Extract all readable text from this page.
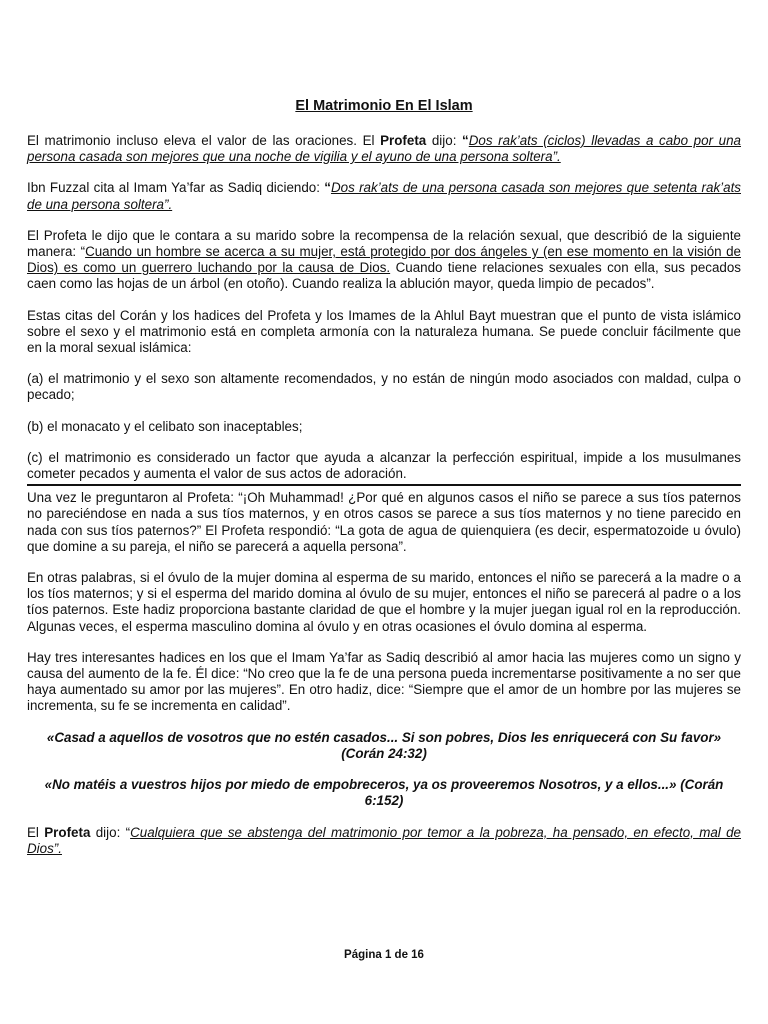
El Matrimonio En El Islam

El matrimonio incluso eleva el valor de las oraciones. El Profeta dijo: “Dos rak’ats (ciclos) llevadas a cabo por una persona casada son mejores que una noche de vigilia y el ayuno de una persona soltera”.

Ibn Fuzzal cita al Imam Ya’far as Sadiq diciendo: “Dos rak’ats de una persona casada son mejores que setenta rak’ats de una persona soltera”.

El Profeta le dijo que le contara a su marido sobre la recompensa de la relación sexual, que describió de la siguiente manera: “Cuando un hombre se acerca a su mujer, está protegido por dos ángeles y (en ese momento en la visión de Dios) es como un guerrero luchando por la causa de Dios. Cuando tiene relaciones sexuales con ella, sus pecados caen como las hojas de un árbol (en otoño). Cuando realiza la ablución mayor, queda limpio de pecados”.

Estas citas del Corán y los hadices del Profeta y los Imames de la Ahlul Bayt muestran que el punto de vista islámico sobre el sexo y el matrimonio está en completa armonía con la naturaleza humana. Se puede concluir fácilmente que en la moral sexual islámica:

(a) el matrimonio y el sexo son altamente recomendados, y no están de ningún modo asociados con maldad, culpa o pecado;

(b) el monacato y el celibato son inaceptables;

(c) el matrimonio es considerado un factor que ayuda a alcanzar la perfección espiritual, impide a los musulmanes cometer pecados y aumenta el valor de sus actos de adoración.

Una vez le preguntaron al Profeta: “¡Oh Muhammad! ¿Por qué en algunos casos el niño se parece a sus tíos paternos no pareciéndose en nada a sus tíos maternos, y en otros casos se parece a sus tíos maternos y no tiene parecido en nada con sus tíos paternos?” El Profeta respondió: “La gota de agua de quienquiera (es decir, espermatozoide u óvulo) que domine a su pareja, el niño se parecerá a aquella persona”.

En otras palabras, si el óvulo de la mujer domina al esperma de su marido, entonces el niño se parecerá a la madre o a los tíos maternos; y si el esperma del marido domina al óvulo de su mujer, entonces el niño se parecerá al padre o a los tíos paternos. Este hadiz proporciona bastante claridad de que el hombre y la mujer juegan igual rol en la reproducción. Algunas veces, el esperma masculino domina al óvulo y en otras ocasiones el óvulo domina al esperma.

Hay tres interesantes hadices en los que el Imam Ya’far as Sadiq describió al amor hacia las mujeres como un signo y causa del aumento de la fe. Él dice: “No creo que la fe de una persona pueda incrementarse positivamente a no ser que haya aumentado su amor por las mujeres”. En otro hadiz, dice: “Siempre que el amor de un hombre por las mujeres se incrementa, su fe se incrementa en calidad”.

«Casad a aquellos de vosotros que no estén casados... Si son pobres, Dios les enriquecerá con Su favor» (Corán 24:32)

«No matéis a vuestros hijos por miedo de empobreceros, ya os proveeremos Nosotros, y a ellos...» (Corán 6:152)

El Profeta dijo: “Cualquiera que se abstenga del matrimonio por temor a la pobreza, ha pensado, en efecto, mal de Dios”.

Página 1 de 16
